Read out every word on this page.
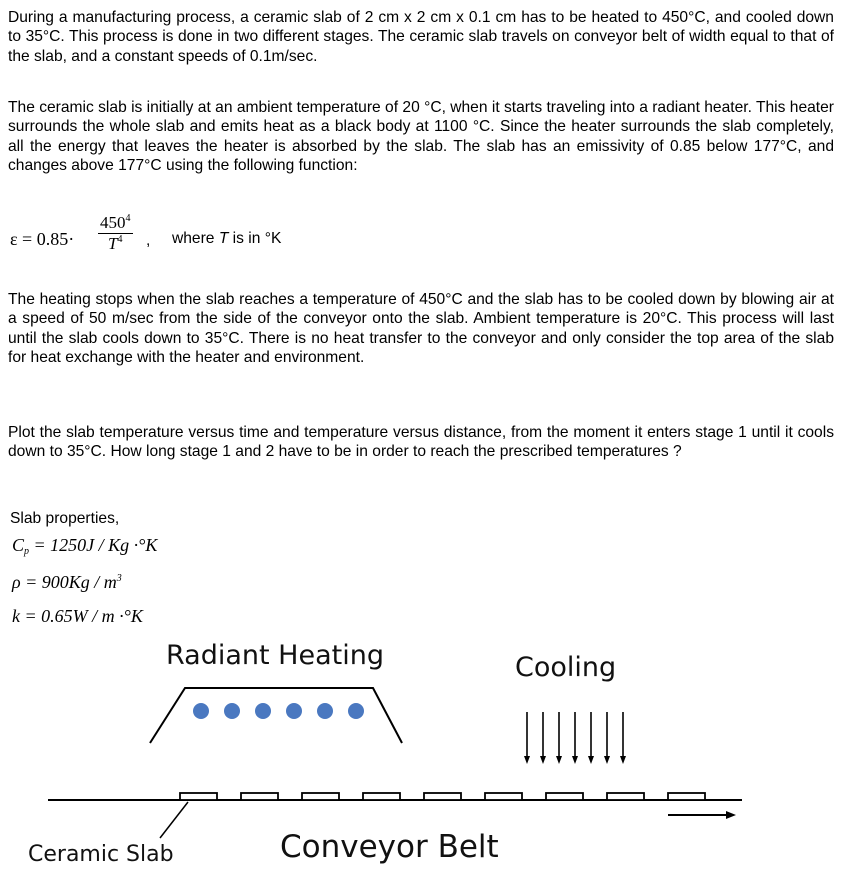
During a manufacturing process, a ceramic slab of 2 cm x 2 cm x 0.1 cm has to be heated to 450°C, and cooled down to 35°C. This process is done in two different stages. The ceramic slab travels on conveyor belt of width equal to that of the slab, and a constant speeds of 0.1m/sec.

The ceramic slab is initially at an ambient temperature of 20 °C, when it starts traveling into a radiant heater. This heater surrounds the whole slab and emits heat as a black body at 1100 °C. Since the heater surrounds the slab completely, all the energy that leaves the heater is absorbed by the slab. The slab has an emissivity of 0.85 below 177°C, and changes above 177°C using the following function:

$\varepsilon = 0.85\cdot \frac{450^4}{T^4}$ , where T is in °K

The heating stops when the slab reaches a temperature of 450°C and the slab has to be cooled down by blowing air at a speed of 50 m/sec from the side of the conveyor onto the slab. Ambient temperature is 20°C. This process will last until the slab cools down to 35°C. There is no heat transfer to the conveyor and only consider the top area of the slab for heat exchange with the heater and environment.

Plot the slab temperature versus time and temperature versus distance, from the moment it enters stage 1 until it cools down to 35°C. How long stage 1 and 2 have to be in order to reach the prescribed temperatures ?

Slab properties,
$C_p = 1250J / Kg \cdot^\circ K$
$\rho = 900Kg / m^3$
k = 0.65W / m ·°K
Radiant Heating	Cooling
Ceramic Slab	Conveyor Belt
